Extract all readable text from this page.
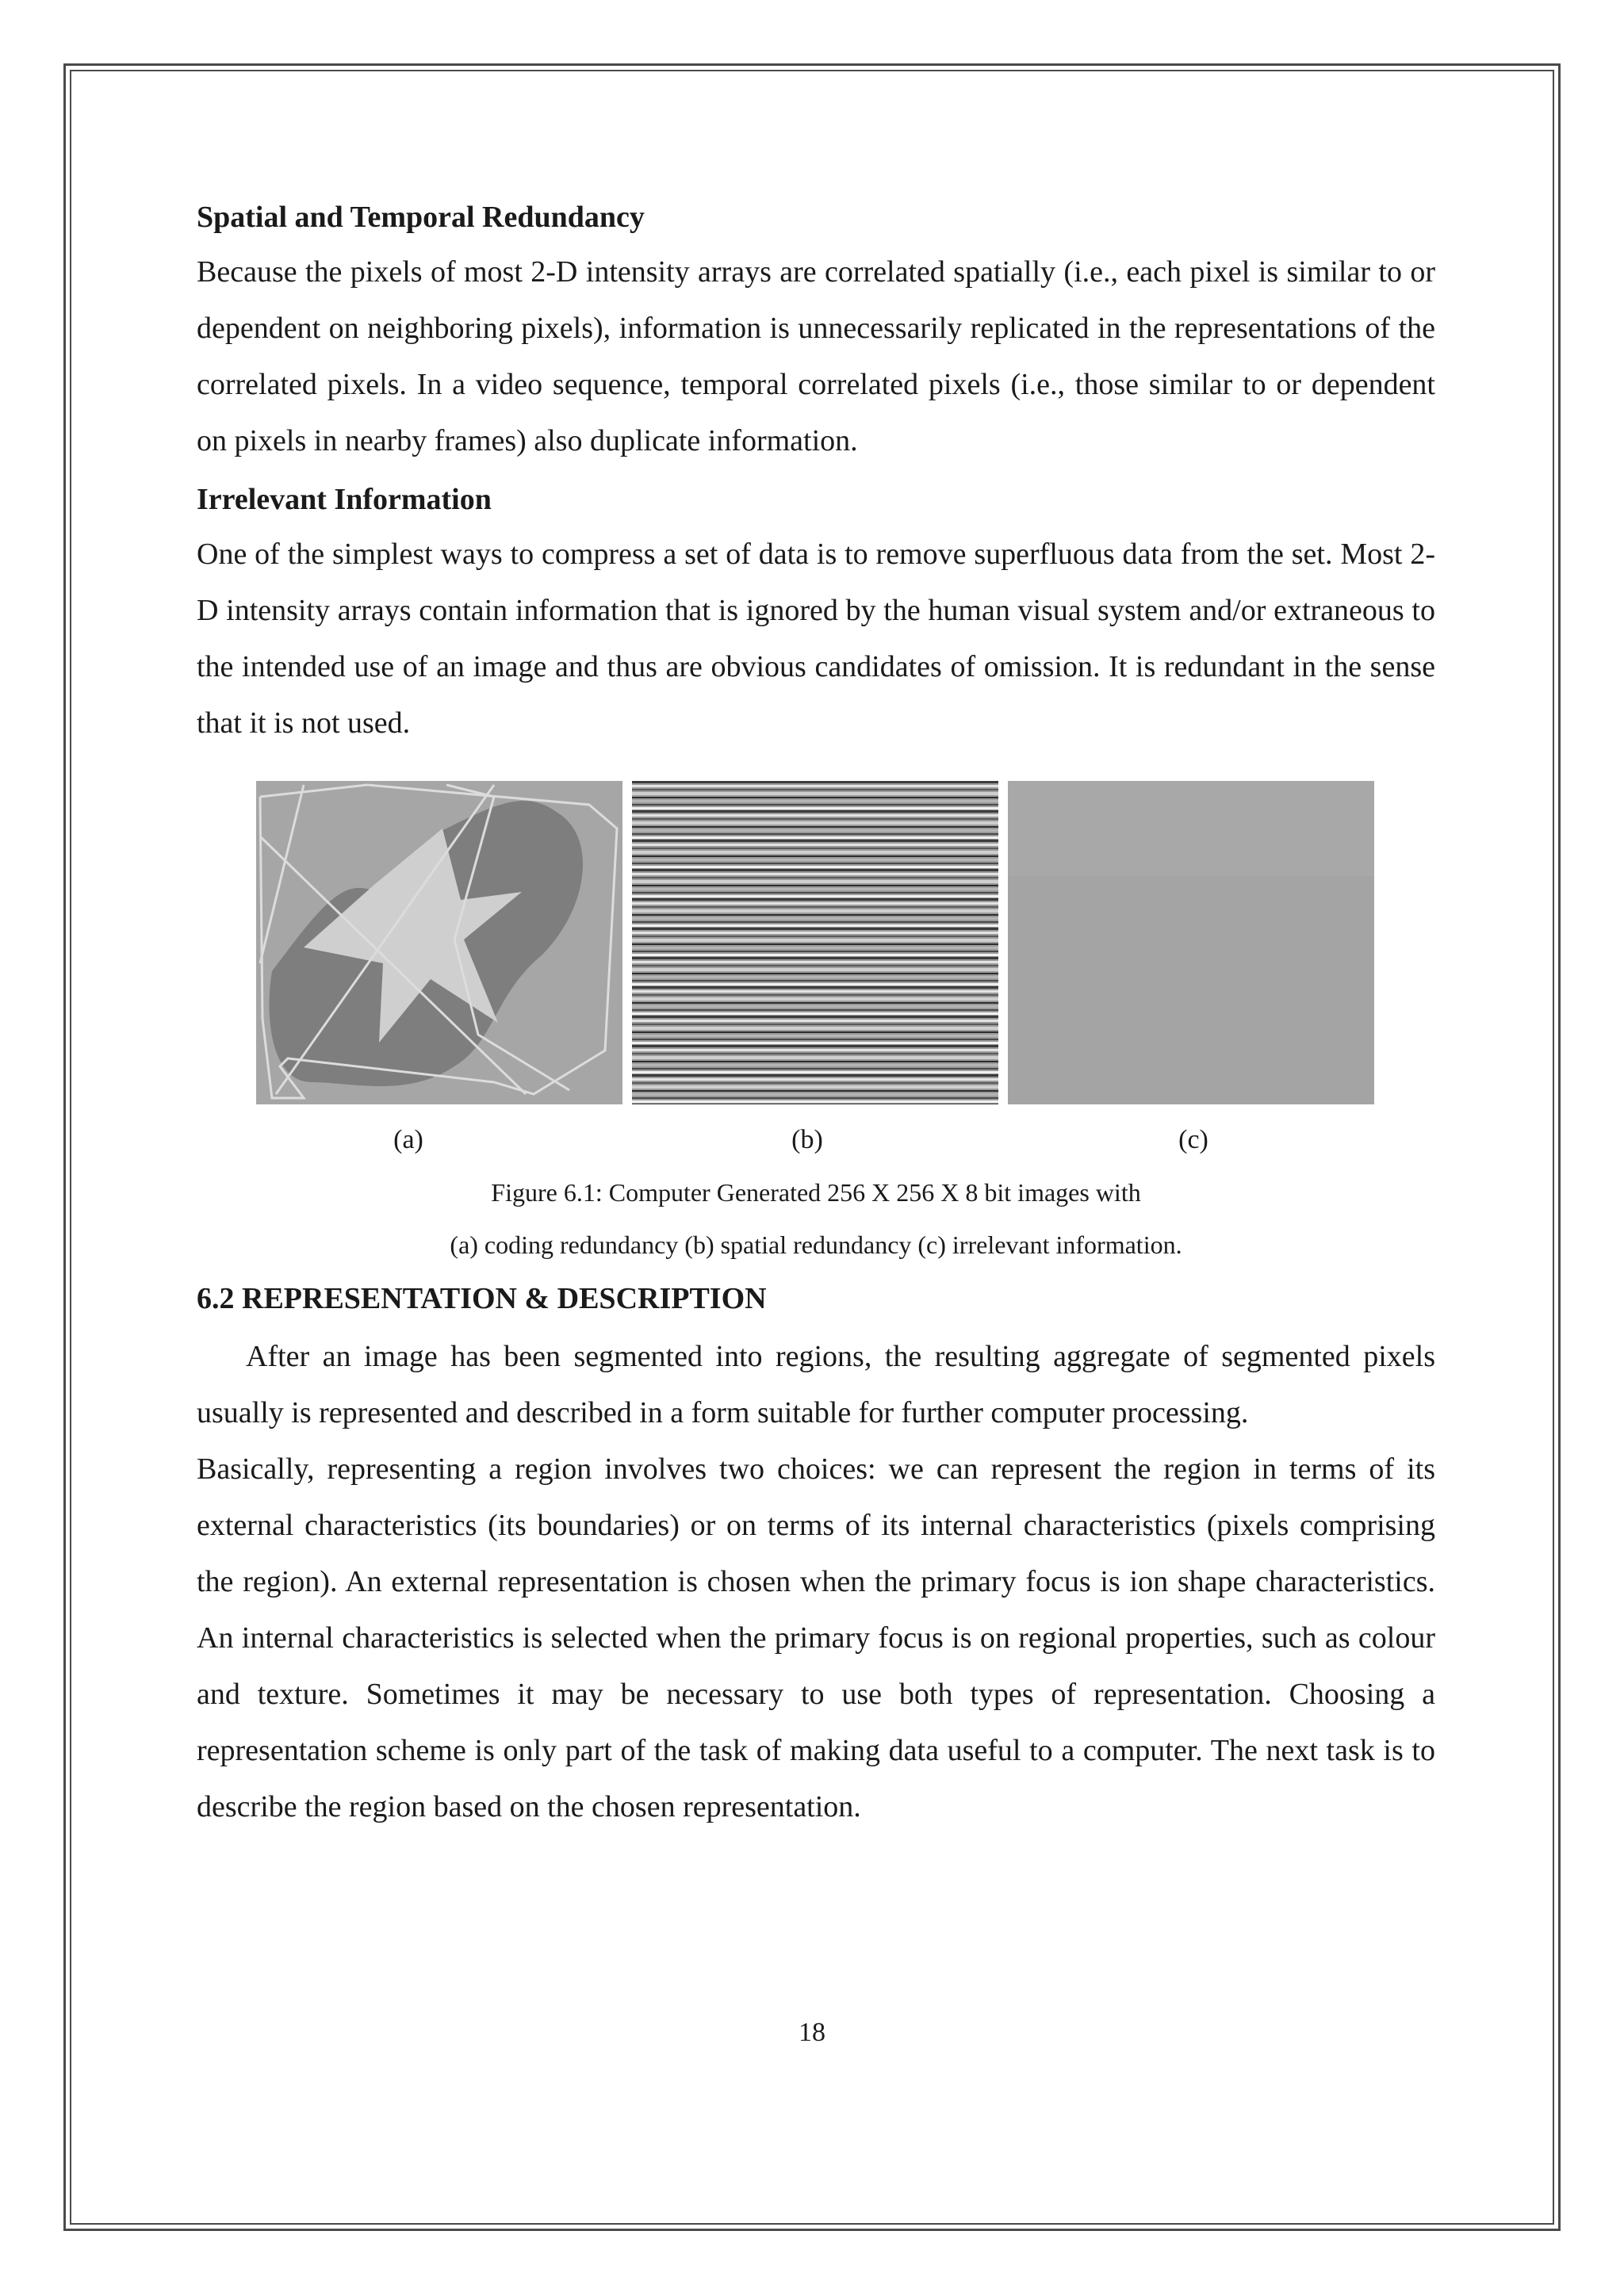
Spatial and Temporal Redundancy

Because the pixels of most 2-D intensity arrays are correlated spatially (i.e., each pixel is similar to or dependent on neighboring pixels), information is unnecessarily replicated in the representations of the correlated pixels. In a video sequence, temporal correlated pixels (i.e., those similar to or dependent on pixels in nearby frames) also duplicate information.

Irrelevant Information

One of the simplest ways to compress a set of data is to remove superfluous data from the set. Most 2-D intensity arrays contain information that is ignored by the human visual system and/or extraneous to the intended use of an image and thus are obvious candidates of omission. It is redundant in the sense that it is not used.

(a)	(b)	(c)
Figure 6.1: Computer Generated 256 X 256 X 8 bit images with
(a) coding redundancy (b) spatial redundancy (c) irrelevant information.
6.2 REPRESENTATION & DESCRIPTION

After an image has been segmented into regions, the resulting aggregate of segmented pixels usually is represented and described in a form suitable for further computer processing.

Basically, representing a region involves two choices: we can represent the region in terms of its external characteristics (its boundaries) or on terms of its internal characteristics (pixels comprising the region). An external representation is chosen when the primary focus is ion shape characteristics. An internal characteristics is selected when the primary focus is on regional properties, such as colour and texture. Sometimes it may be necessary to use both types of representation. Choosing a representation scheme is only part of the task of making data useful to a computer. The next task is to describe the region based on the chosen representation.

18
